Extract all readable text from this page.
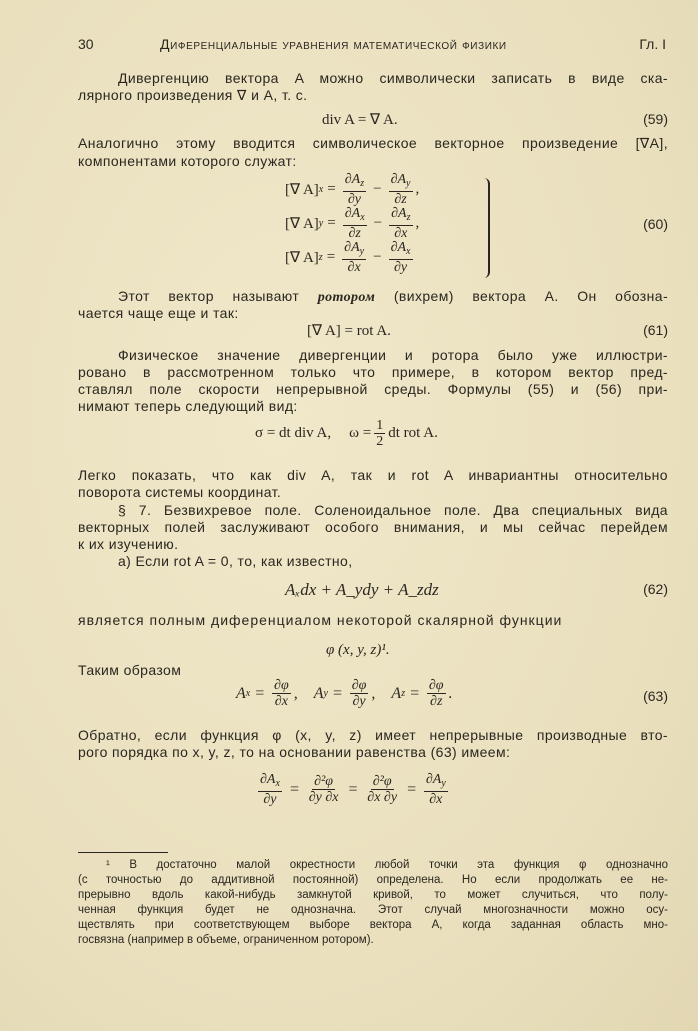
30	Диференциальные уравнения математической физики	Гл. I
Дивергенцию вектора A можно символически записать в виде ска-
лярного произведения ∇ и A, т. с.
div A = ∇ A.	(59)
Аналогично этому вводится символическое векторное произведение [∇A],
компонентами которого служат:
[∇ A] $x = \frac{\partial A_z}{\partial y} - \frac{\partial A_y}{\partial z}$ ,
[∇ A] $y = \frac{\partial A_x}{\partial z} - \frac{\partial A_z}{\partial x}$ ,
[∇ A] $z = \frac{\partial A_y}{\partial x} - \frac{\partial A_x}{\partial y}$
(60)
Этот вектор называют ротором (вихрем) вектора A. Он обозна-
чается чаще еще и так:
[∇ A] = rot A.	(61)
Физическое значение дивергенции и ротора было уже иллюстри-
ровано в рассмотренном только что примере, в котором вектор пред-
ставлял поле скорости непрерывной среды. Формулы (55) и (56) при-
нимают теперь следующий вид:
σ = dt div A, $\omega = \frac{1}{2}$ dt rot A.
Легко показать, что как div A, так и rot A инвариантны относительно
поворота системы координат.
§ 7. Безвихревое поле. Соленоидальное поле. Два специальных вида
векторных полей заслуживают особого внимания, и мы сейчас перейдем
к их изучению.
а) Если rot A = 0, то, как известно,
Aₓdx + A_ydy + A_zdz	(62)
является полным диференциалом некоторой скалярной функции
φ (x, y, z)¹.
Таким образом
A $x = \frac{\partial\varphi}{\partial x}$ , A $y = \frac{\partial\varphi}{\partial y}$ , A $z = \frac{\partial\varphi}{\partial z}$ .	(63)
Обратно, если функция φ (x, y, z) имеет непрерывные производные вто-
рого порядка по x, y, z, то на основании равенства (63) имеем:
$\frac{\partial A_x}{\partial y} = \frac{\text{∂²φ}}{\partial y \partial x} = \frac{\text{∂²φ}}{\partial x \partial y} = \frac{\partial A_y}{\partial x}$
¹ В достаточно малой окрестности любой точки эта функция φ однозначно
(с точностью до аддитивной постоянной) определена. Но если продолжать ее не-
прерывно вдоль какой-нибудь замкнутой кривой, то может случиться, что полу-
ченная функция будет не однозначна. Этот случай многозначности можно осу-
ществлять при соответствующем выборе вектора A, когда заданная область мно-
госвязна (например в объеме, ограниченном ротором).
